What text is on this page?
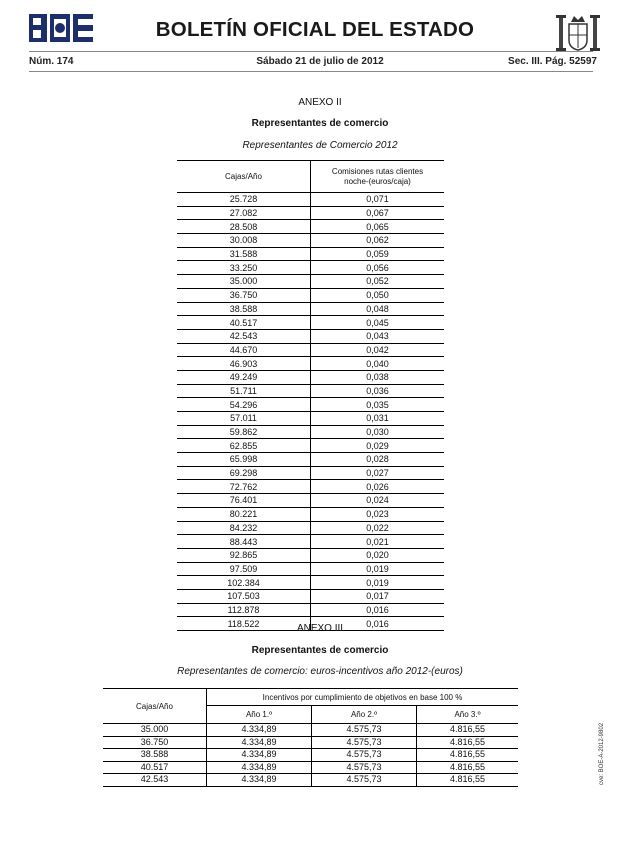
BOLETÍN OFICIAL DEL ESTADO
Núm. 174	Sábado 21 de julio de 2012	Sec. III. Pág. 52597
ANEXO II
Representantes de comercio
Representantes de Comercio 2012
Cajas/Año	Comisiones rutas clientes
noche-(euros/caja)
25.728	0,071
27.082	0,067
28.508	0,065
30.008	0,062
31.588	0,059
33.250	0,056
35.000	0,052
36.750	0,050
38.588	0,048
40.517	0,045
42.543	0,043
44.670	0,042
46.903	0,040
49.249	0,038
51.711	0,036
54.296	0,035
57.011	0,031
59.862	0,030
62.855	0,029
65.998	0,028
69.298	0,027
72.762	0,026
76.401	0,024
80.221	0,023
84.232	0,022
88.443	0,021
92.865	0,020
97.509	0,019
102.384	0,019
107.503	0,017
112.878	0,016
118.522	0,016
ANEXO III
Representantes de comercio
Representantes de comercio: euros-incentivos año 2012-(euros)
Cajas/Año	Incentivos por cumplimiento de objetivos en base 100 %		
	Año 1.º	Año 2.º	Año 3.º
35.000	4.334,89	4.575,73	4.816,55
36.750	4.334,89	4.575,73	4.816,55
38.588	4.334,89	4.575,73	4.816,55
40.517	4.334,89	4.575,73	4.816,55
42.543	4.334,89	4.575,73	4.816,55	cve: BOE-A-2012-9802
